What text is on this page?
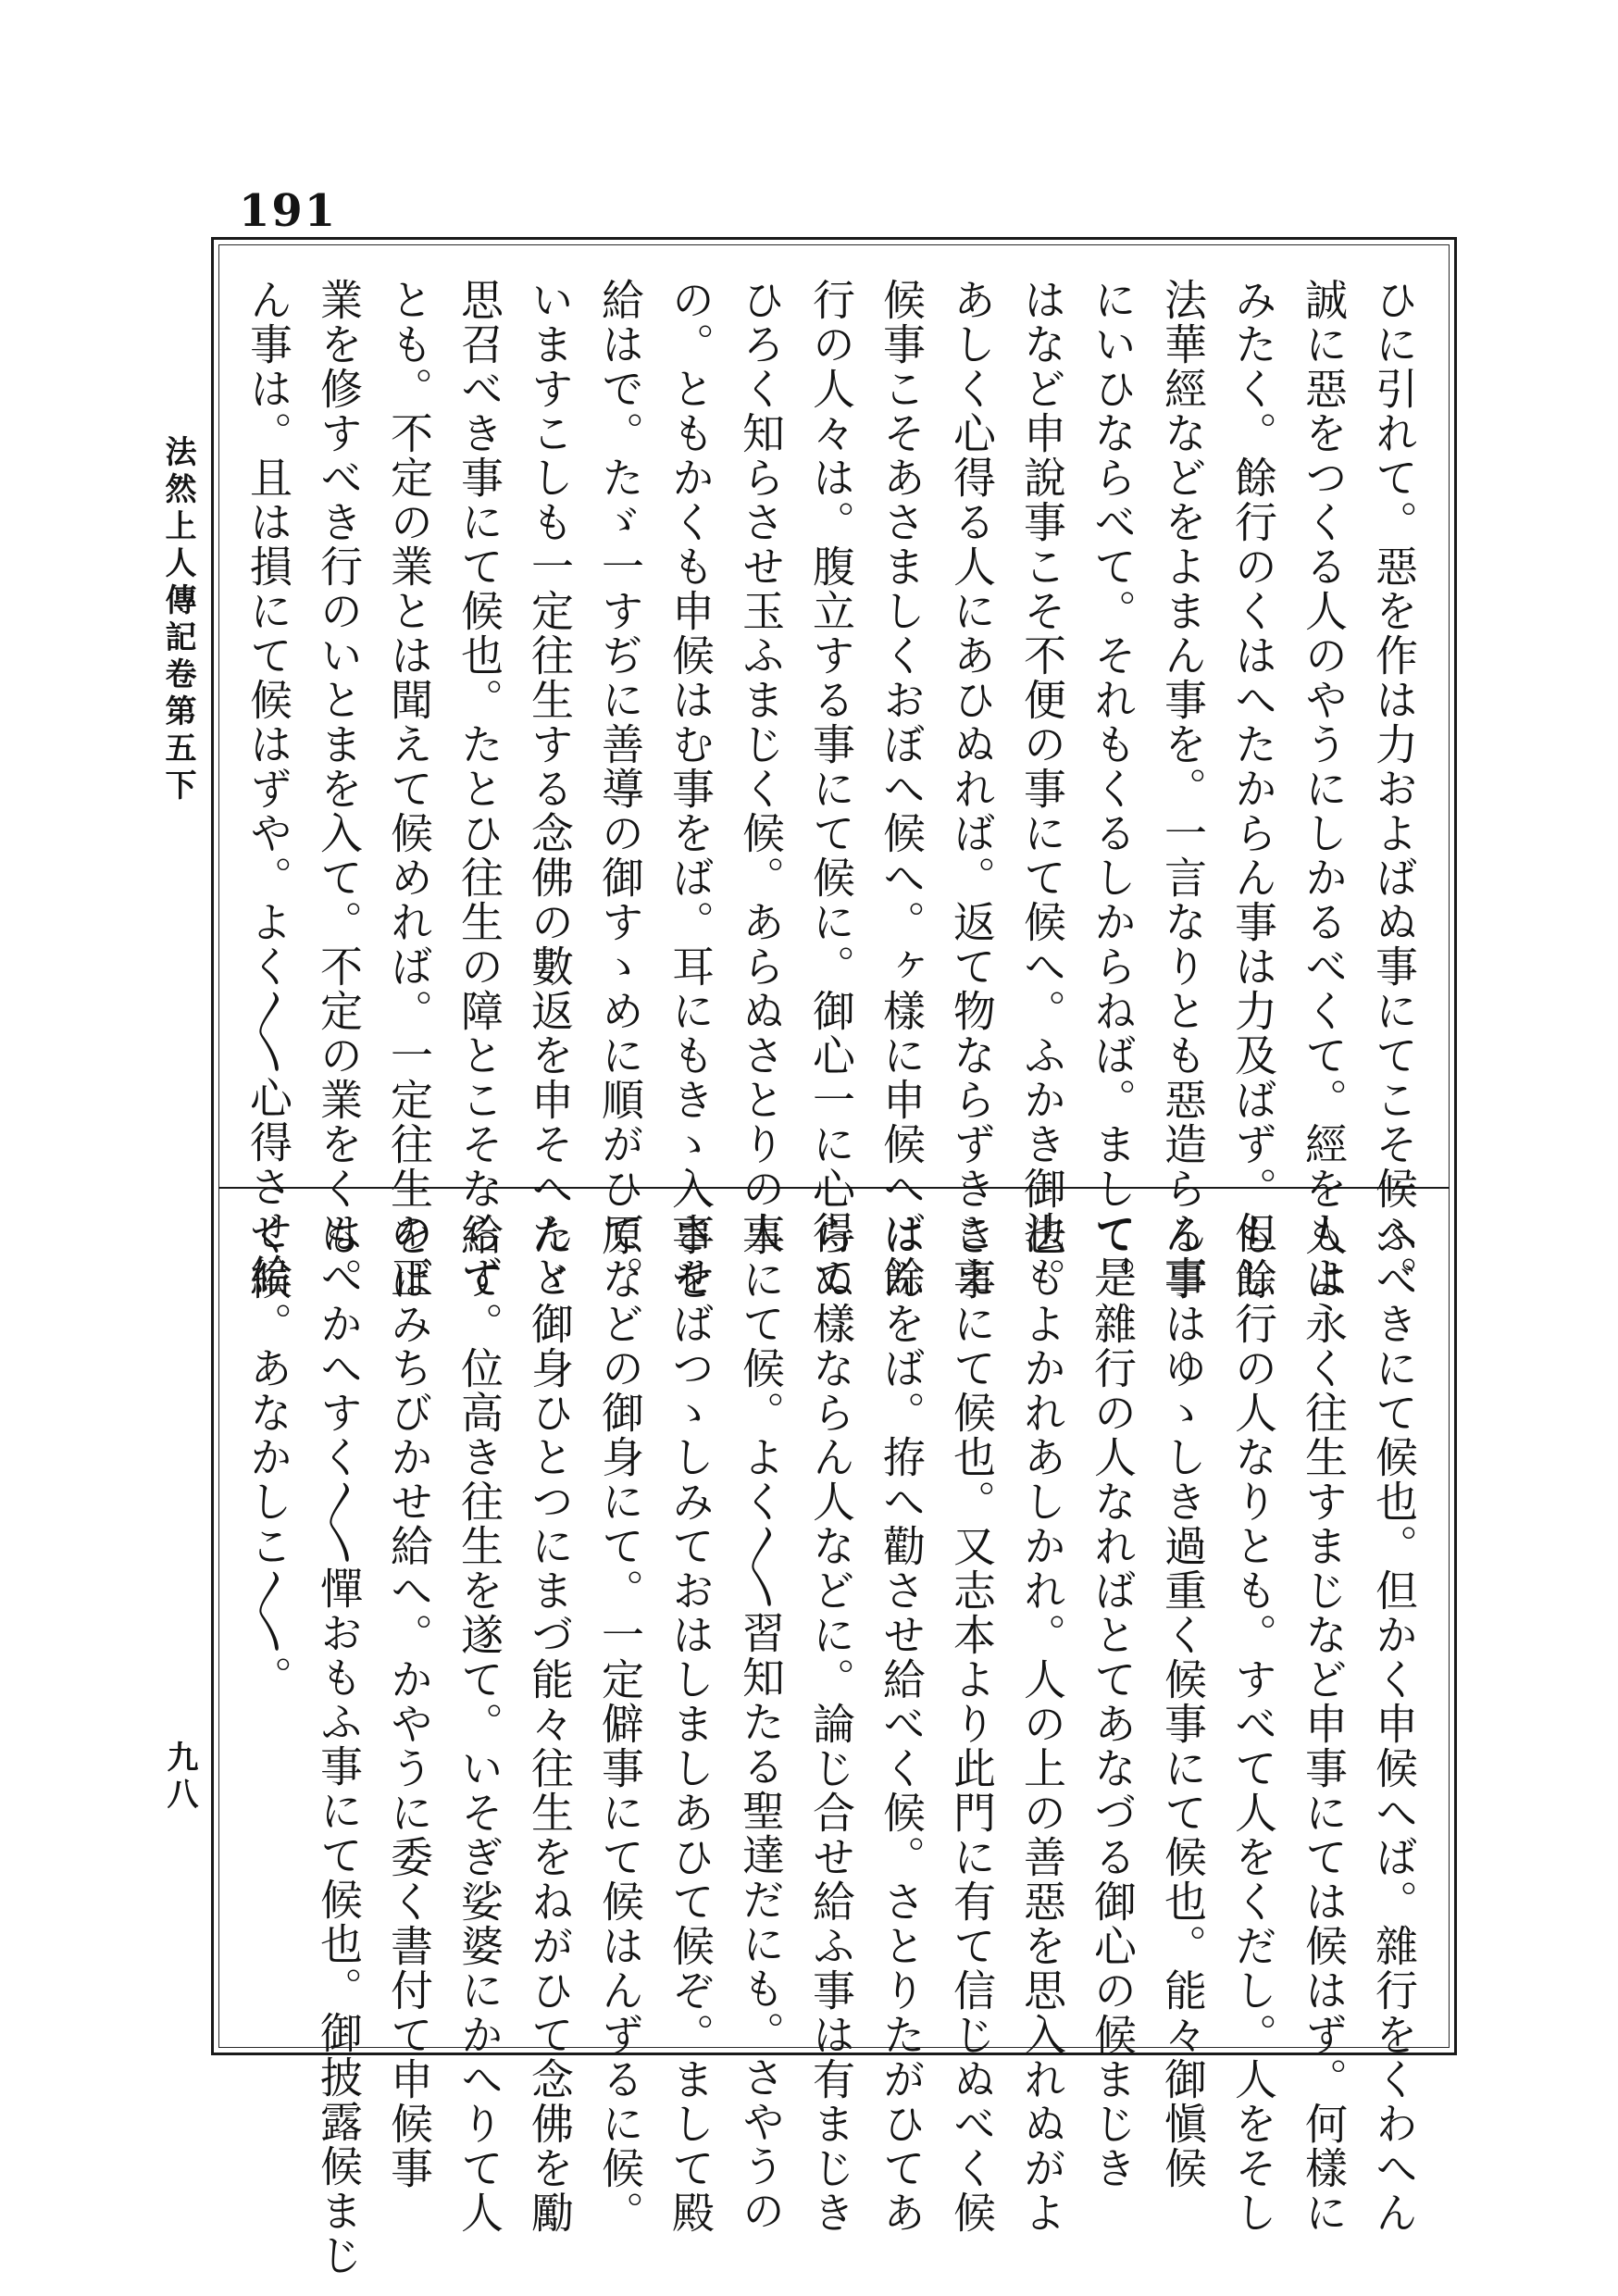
191
法然上人傳記卷第五下
九八
ひに引れて。惡を作は力およばぬ事にてこそ候へ。
誠に惡をつくる人のやうにしかるべくて。經をもよ
みたく。餘行のくはへたからん事は力及ばず。但し
法華經などをよまん事を。一言なりとも惡造らん事
にいひならべて。それもくるしからねば。まして是
はなど申說事こそ不便の事にて候へ。ふかき御法も
あしく心得る人にあひぬれば。返て物ならずきこえ
候事こそあさましくおぼへ候へ。ヶ樣に申候へば餘
行の人々は。腹立する事にて候に。御心一に心得て
ひろく知らさせ玉ふまじく候。あらぬさとりの人
の。ともかくも申候はむ事をば。耳にもきゝ入させ
給はで。たゞ一すぢに善導の御すゝめに順がひて。
いますこしも一定往生する念佛の數返を申そへんと
思召べき事にて候也。たとひ往生の障とこそならず
とも。不定の業とは聞えて候めれば。一定往生の正
業を修すべき行のいとまを入て。不定の業をくはへ
ん事は。且は損にて候はずや。よく〳〵心得させ給
ふべきにて候也。但かく申候へば。雜行をくわへん
人は永く往生すまじなど申事にては候はず。何樣に
も餘行の人なりとも。すべて人をくだし。人をそし
る事はゆゝしき過重く候事にて候也。能々御愼候
て。雜行の人なればとてあなづる御心の候まじき
也。よかれあしかれ。人の上の善惡を思入れぬがよ
き事にて候也。又志本より此門に有て信じぬべく候
はんをば。拵へ勸させ給べく候。さとりたがひてあ
らぬ樣ならん人などに。論じ合せ給ふ事は有まじき
事にて候。よく〳〵習知たる聖達だにも。さやうの
事をばつゝしみておはしましあひて候ぞ。まして殿
原などの御身にて。一定僻事にて候はんずるに候。
たゞ御身ひとつにまづ能々往生をねがひて念佛を勵
給て。位高き往生を遂て。いそぎ娑婆にかへりて人
をばみちびかせ給へ。かやうに委く書付て申候事
も。かへすく〳〵憚おもふ事にて候也。御披露候まじ
く候。あなかしこ〳〵。
